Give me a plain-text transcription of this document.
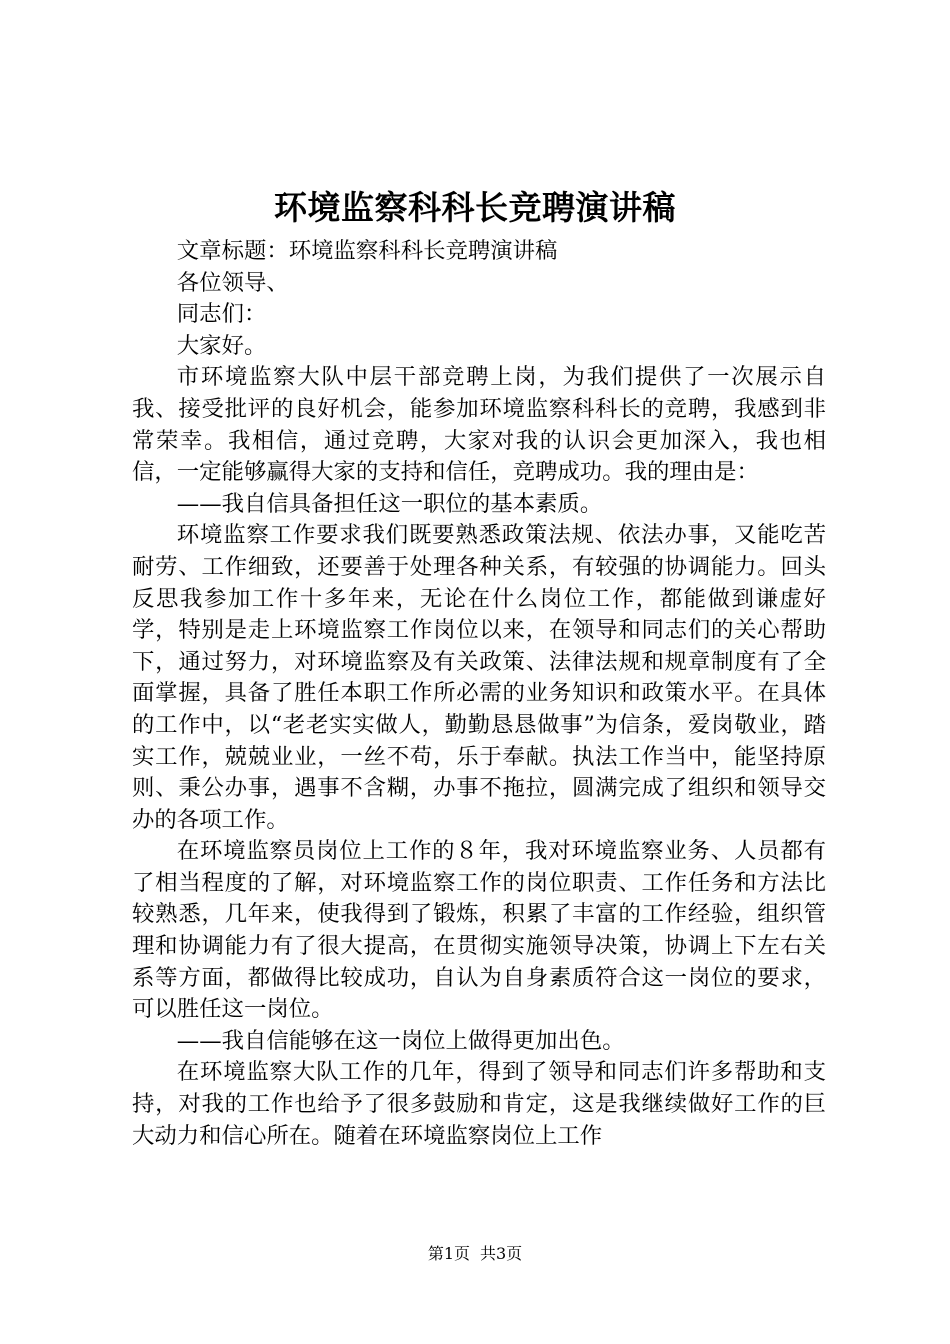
环境监察科科长竞聘演讲稿

文章标题：环境监察科科长竞聘演讲稿

各位领导、

同志们：

大家好。

市环境监察大队中层干部竞聘上岗，为我们提供了一次展示自我、接受批评的良好机会，能参加环境监察科科长的竞聘，我感到非常荣幸。我相信，通过竞聘，大家对我的认识会更加深入，我也相信，一定能够赢得大家的支持和信任，竞聘成功。我的理由是：

——我自信具备担任这一职位的基本素质。

环境监察工作要求我们既要熟悉政策法规、依法办事，又能吃苦耐劳、工作细致，还要善于处理各种关系，有较强的协调能力。回头反思我参加工作十多年来，无论在什么岗位工作，都能做到谦虚好学，特别是走上环境监察工作岗位以来，在领导和同志们的关心帮助下，通过努力，对环境监察及有关政策、法律法规和规章制度有了全面掌握，具备了胜任本职工作所必需的业务知识和政策水平。在具体的工作中，以“老老实实做人，勤勤恳恳做事”为信条，爱岗敬业，踏实工作，兢兢业业，一丝不苟，乐于奉献。执法工作当中，能坚持原则、秉公办事，遇事不含糊，办事不拖拉，圆满完成了组织和领导交办的各项工作。

在环境监察员岗位上工作的８年，我对环境监察业务、人员都有了相当程度的了解，对环境监察工作的岗位职责、工作任务和方法比较熟悉，几年来，使我得到了锻炼，积累了丰富的工作经验，组织管理和协调能力有了很大提高，在贯彻实施领导决策，协调上下左右关系等方面，都做得比较成功，自认为自身素质符合这一岗位的要求，可以胜任这一岗位。

——我自信能够在这一岗位上做得更加出色。

在环境监察大队工作的几年，得到了领导和同志们许多帮助和支持，对我的工作也给予了很多鼓励和肯定，这是我继续做好工作的巨大动力和信心所在。随着在环境监察岗位上工作

第1页 共3页
